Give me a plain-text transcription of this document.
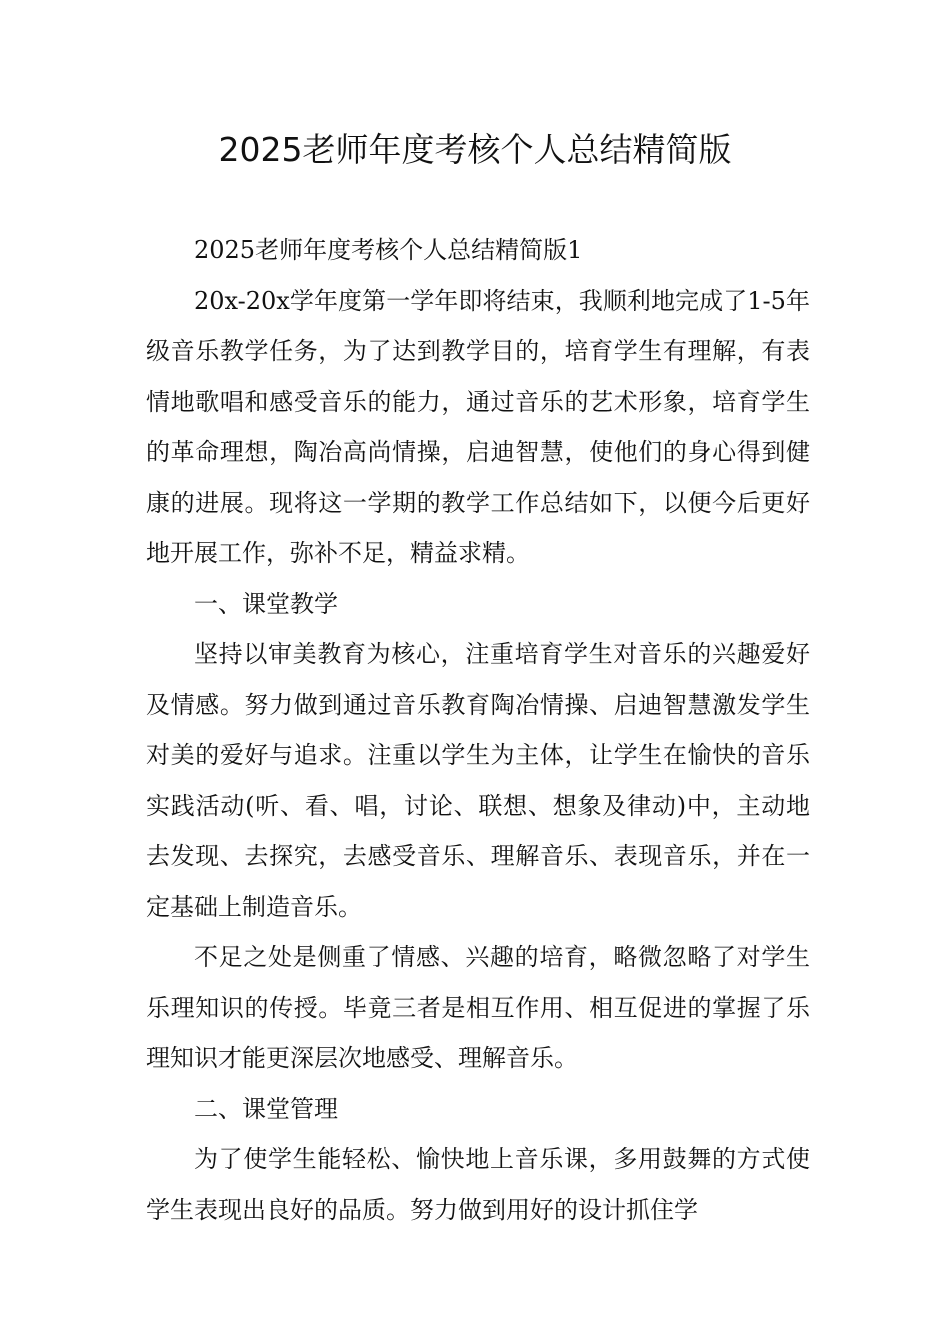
2025老师年度考核个人总结精简版

2025老师年度考核个人总结精简版1

20x-20x学年度第一学年即将结束，我顺利地完成了1-5年级音乐教学任务，为了达到教学目的，培育学生有理解，有表情地歌唱和感受音乐的能力，通过音乐的艺术形象，培育学生的革命理想，陶冶高尚情操，启迪智慧，使他们的身心得到健康的进展。现将这一学期的教学工作总结如下，以便今后更好地开展工作，弥补不足，精益求精。

一、课堂教学

坚持以审美教育为核心，注重培育学生对音乐的兴趣爱好及情感。努力做到通过音乐教育陶冶情操、启迪智慧激发学生对美的爱好与追求。注重以学生为主体，让学生在愉快的音乐实践活动(听、看、唱，讨论、联想、想象及律动)中，主动地去发现、去探究，去感受音乐、理解音乐、表现音乐，并在一定基础上制造音乐。

不足之处是侧重了情感、兴趣的培育，略微忽略了对学生乐理知识的传授。毕竟三者是相互作用、相互促进的掌握了乐理知识才能更深层次地感受、理解音乐。

二、课堂管理

为了使学生能轻松、愉快地上音乐课，多用鼓舞的方式使学生表现出良好的品质。努力做到用好的设计抓住学
